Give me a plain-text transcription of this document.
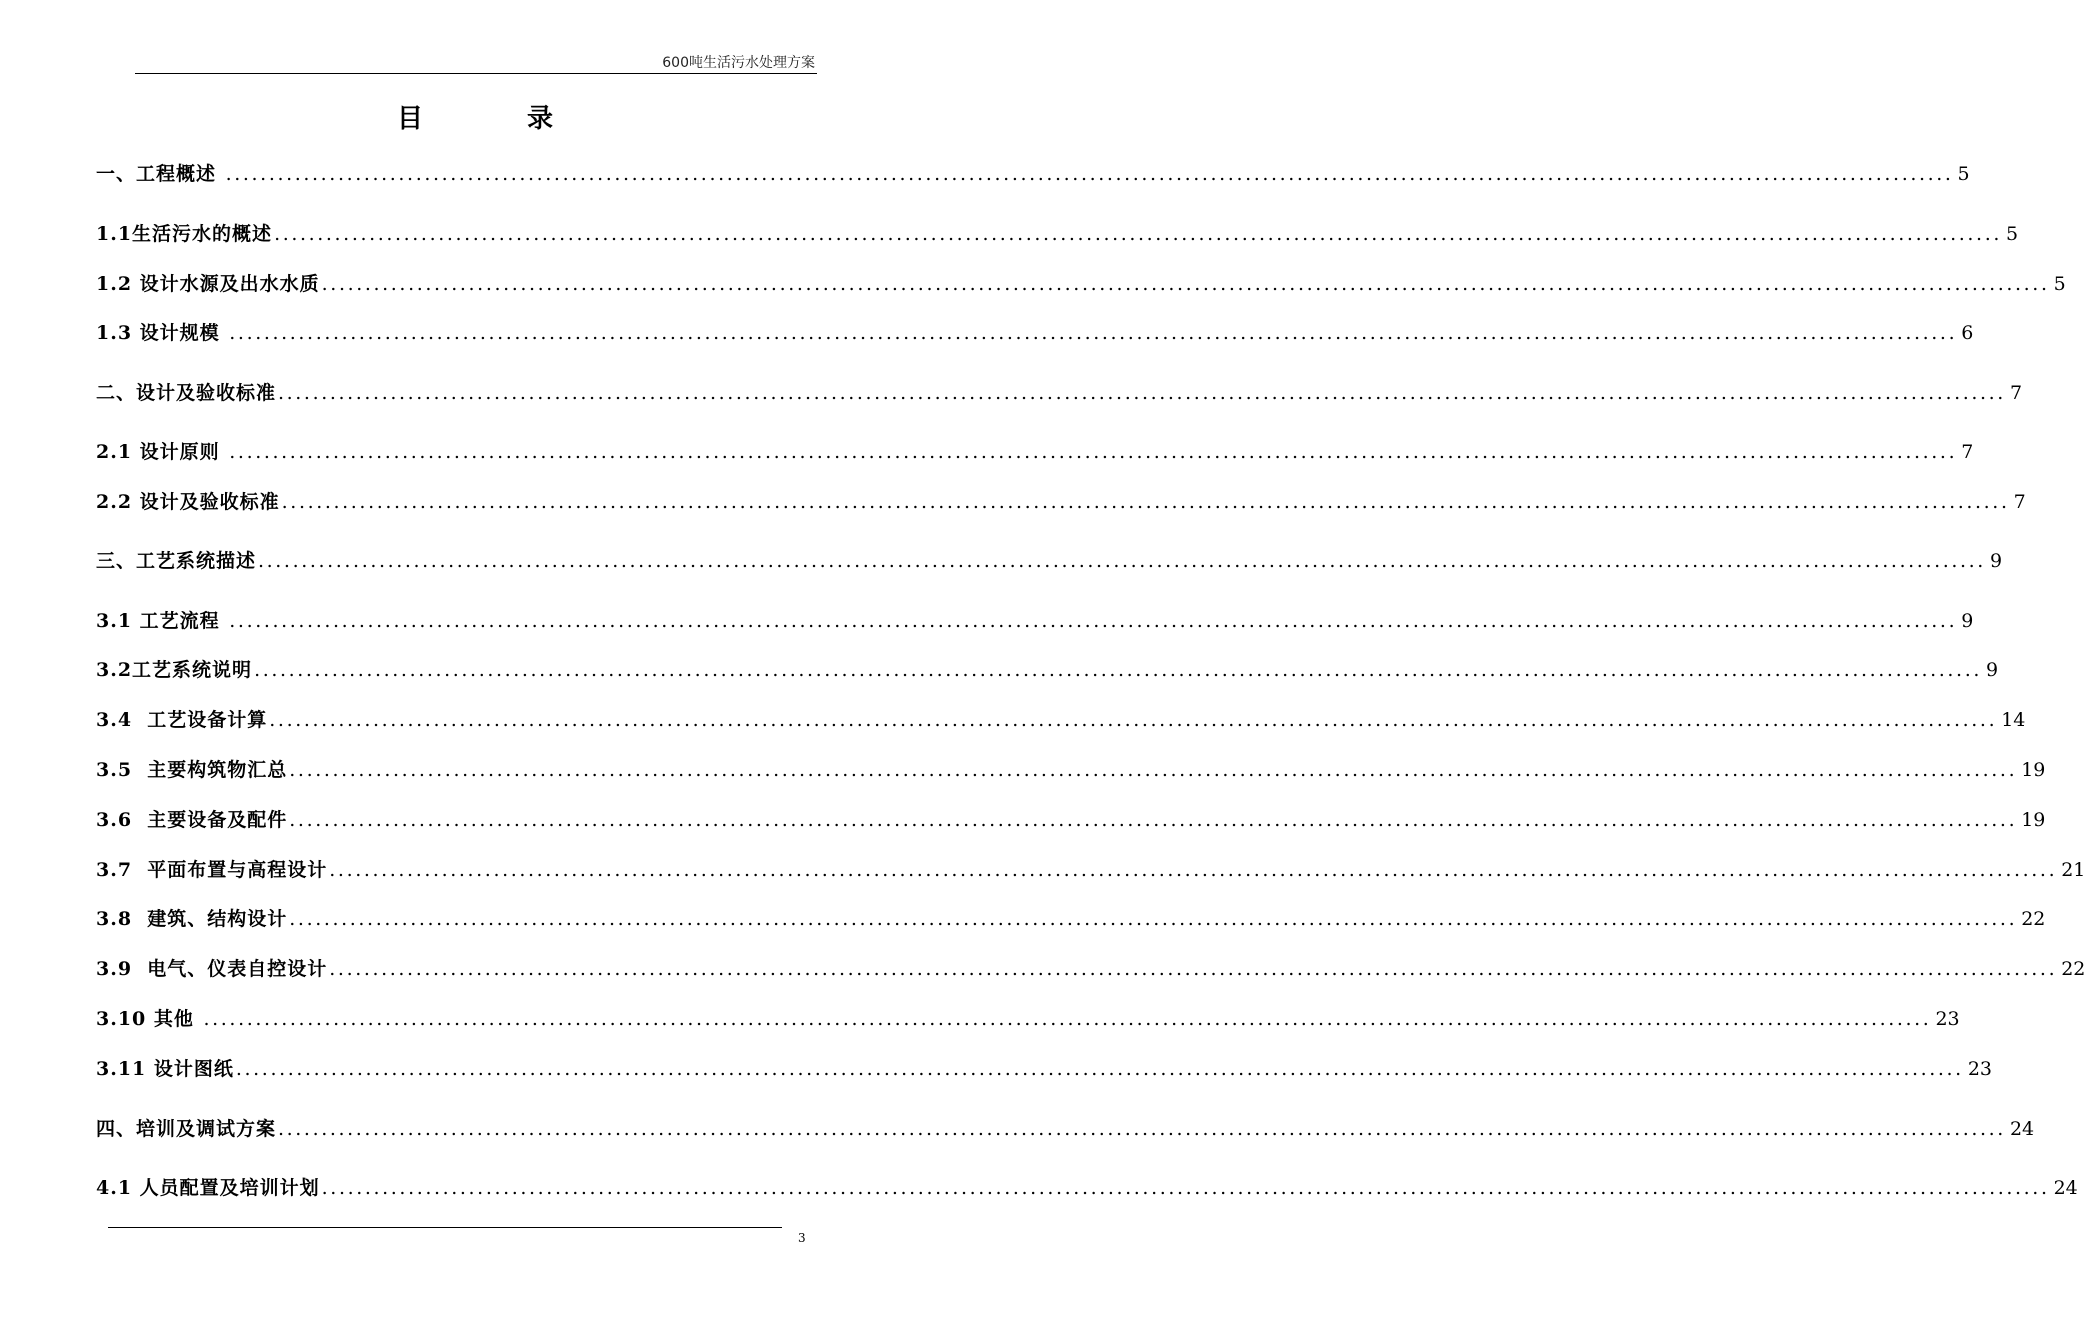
600吨生活污水处理方案
目	录
一、工程概述 ........................................................................................................................................................................................................ 5
1.1生活污水的概述 ........................................................................................................................................................................................................ 5
1.2 设计水源及出水水质 ........................................................................................................................................................................................................ 5
1.3 设计规模 ........................................................................................................................................................................................................ 6
二、设计及验收标准 ........................................................................................................................................................................................................ 7
2.1 设计原则 ........................................................................................................................................................................................................ 7
2.2 设计及验收标准 ........................................................................................................................................................................................................ 7
三、工艺系统描述 ........................................................................................................................................................................................................ 9
3.1 工艺流程 ........................................................................................................................................................................................................ 9
3.2工艺系统说明 ........................................................................................................................................................................................................ 9
3.4  工艺设备计算 ........................................................................................................................................................................................................ 14
3.5  主要构筑物汇总 ........................................................................................................................................................................................................ 19
3.6  主要设备及配件 ........................................................................................................................................................................................................ 19
3.7  平面布置与高程设计 ........................................................................................................................................................................................................ 21
3.8  建筑、结构设计 ........................................................................................................................................................................................................ 22
3.9  电气、仪表自控设计 ........................................................................................................................................................................................................ 22
3.10 其他 ........................................................................................................................................................................................................ 23
3.11 设计图纸 ........................................................................................................................................................................................................ 23
四、培训及调试方案 ........................................................................................................................................................................................................ 24
4.1 人员配置及培训计划 ........................................................................................................................................................................................................ 24
3
